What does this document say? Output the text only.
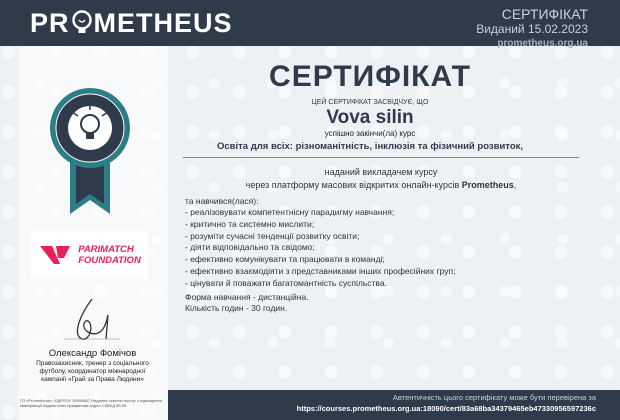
PR METHEUS	СЕРТИФІКАТ
Виданий 15.02.2023
prometheus.org.ua
PARIMATCH
FOUNDATION
Олександр Фомічов
Правозахисник, тренер з соціального футболу, координатор міжнародної кампанії «Грай за Права Людини»
ГО «Prometheus», ЄДРПОУ 39599867 Надання освітніх послуг з підвищення кваліфікації педагогічних працівників згідно з КВЕД 85.59
СЕРТИФІКАТ
ЦЕЙ СЕРТИФІКАТ ЗАСВІДЧУЄ, ЩО
Vova silin
успішно закінчи(ла) курс
Освіта для всіх: різноманітність, інклюзія та фізичний розвиток,
наданий викладачем курсу
через платформу масових відкритих онлайн-курсів Prometheus,
та навчився(лася):
- реалізовувати компетентнісну парадигму навчання;
- критично та системно мислити;
- розуміти сучасні тенденції розвитку освіти;
- діяти відповідально та свідомо;
- ефективно комунікувати та працювати в команді;
- ефективно взаємодіяти з представниками інших професійних груп;
- цінувати й поважати багатомантність суспільства.
Форма навчання - дистанційна.
Кількість годин - 30 годин.
Автентичність цього сертифікату може бути перевірена за
https://courses.prometheus.org.ua:18090/cert/83a68ba34379465eb47330956597236c
